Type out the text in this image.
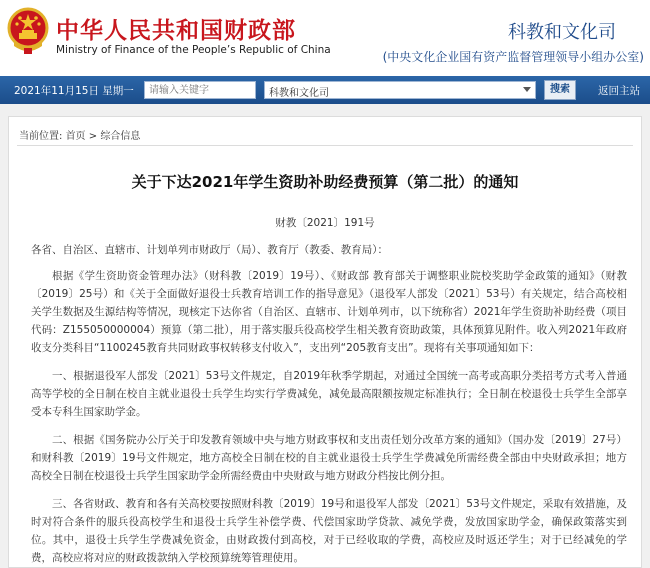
中华人民共和国财政部
Ministry of Finance of the People’s Republic of China
科教和文化司
(中央文化企业国有资产监督管理领导小组办公室)
2021年11月15日 星期一
请输入关键字	科教和文化司	搜索	返回主站
当前位置: 首页 > 综合信息
关于下达2021年学生资助补助经费预算（第二批）的通知
财教〔2021〕191号

各省、自治区、直辖市、计划单列市财政厅（局）、教育厅（教委、教育局）：

根据《学生资助资金管理办法》（财科教〔2019〕19号）、《财政部 教育部关于调整职业院校奖助学金政策的通知》（财教〔2019〕25号）和《关于全面做好退役士兵教育培训工作的指导意见》（退役军人部发〔2021〕53号）有关规定，结合高校相关学生数据及生源结构等情况，现核定下达你省（自治区、直辖市、计划单列市，以下统称省）2021年学生资助补助经费（项目代码：Z155050000004）预算（第二批），用于落实服兵役高校学生相关教育资助政策，具体预算见附件。收入列2021年政府收支分类科目“1100245教育共同财政事权转移支付收入”，支出列“205教育支出”。现将有关事项通知如下：

一、根据退役军人部发〔2021〕53号文件规定，自2019年秋季学期起，对通过全国统一高考或高职分类招考方式考入普通高等学校的全日制在校自主就业退役士兵学生均实行学费减免，减免最高限额按规定标准执行；全日制在校退役士兵学生全部享受本专科生国家助学金。

二、根据《国务院办公厅关于印发教育领域中央与地方财政事权和支出责任划分改革方案的通知》（国办发〔2019〕27号）和财科教〔2019〕19号文件规定，地方高校全日制在校的自主就业退役士兵学生学费减免所需经费全部由中央财政承担；地方高校全日制在校退役士兵学生国家助学金所需经费由中央财政与地方财政分档按比例分担。

三、各省财政、教育和各有关高校要按照财科教〔2019〕19号和退役军人部发〔2021〕53号文件规定，采取有效措施，及时对符合条件的服兵役高校学生和退役士兵学生补偿学费、代偿国家助学贷款、减免学费，发放国家助学金，确保政策落实到位。其中，退役士兵学生学费减免资金，由财政拨付到高校，对于已经收取的学费，高校应及时返还学生；对于已经减免的学费，高校应将对应的财政拨款纳入学校预算统筹管理使用。
